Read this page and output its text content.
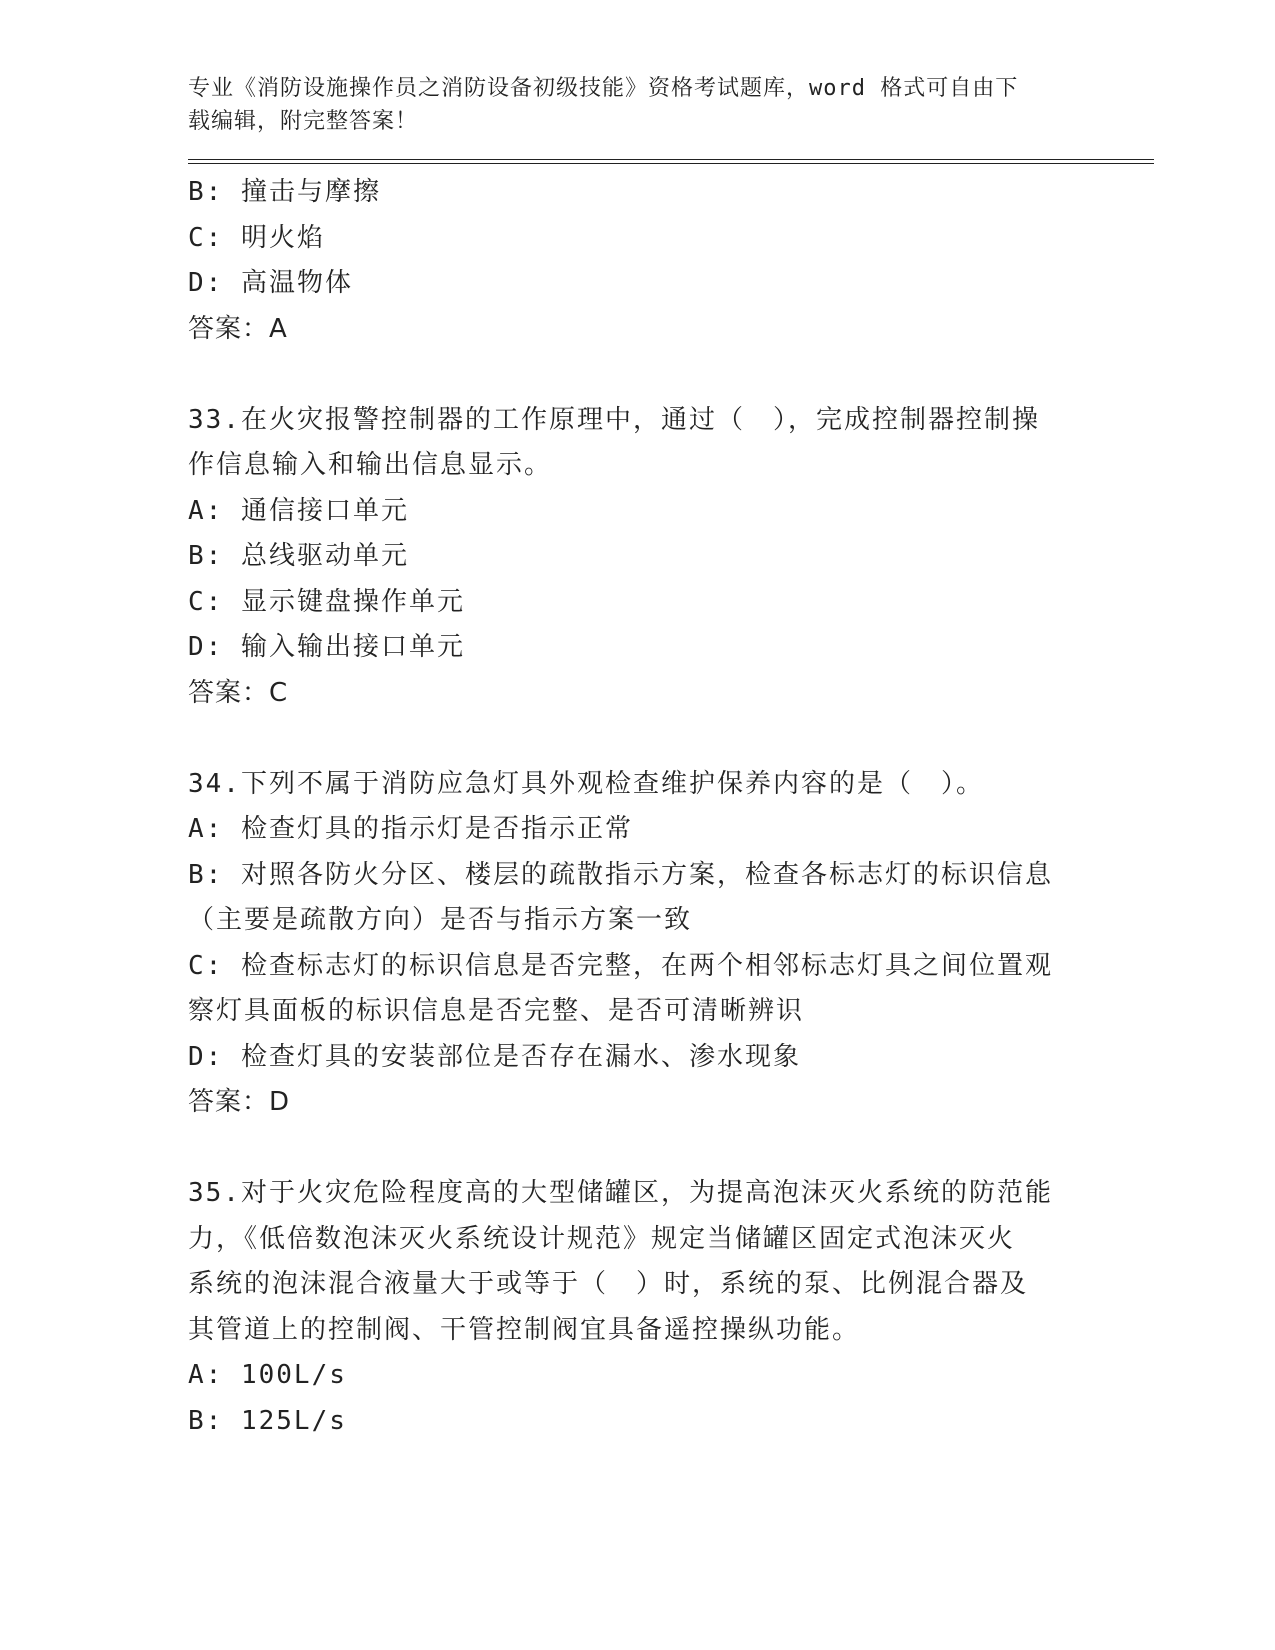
专业《消防设施操作员之消防设备初级技能》资格考试题库，word 格式可自由下

载编辑，附完整答案！

B: 撞击与摩擦

C: 明火焰

D: 高温物体

答案：A

33.在火灾报警控制器的工作原理中，通过（　），完成控制器控制操

作信息输入和输出信息显示。

A: 通信接口单元

B: 总线驱动单元

C: 显示键盘操作单元

D: 输入输出接口单元

答案：C

34.下列不属于消防应急灯具外观检查维护保养内容的是（　）。

A: 检查灯具的指示灯是否指示正常

B: 对照各防火分区、楼层的疏散指示方案，检查各标志灯的标识信息

（主要是疏散方向）是否与指示方案一致

C: 检查标志灯的标识信息是否完整，在两个相邻标志灯具之间位置观

察灯具面板的标识信息是否完整、是否可清晰辨识

D: 检查灯具的安装部位是否存在漏水、渗水现象

答案：D

35.对于火灾危险程度高的大型储罐区，为提高泡沫灭火系统的防范能

力，《低倍数泡沫灭火系统设计规范》规定当储罐区固定式泡沫灭火

系统的泡沫混合液量大于或等于（　）时，系统的泵、比例混合器及

其管道上的控制阀、干管控制阀宜具备遥控操纵功能。

A: 100L/s

B: 125L/s
